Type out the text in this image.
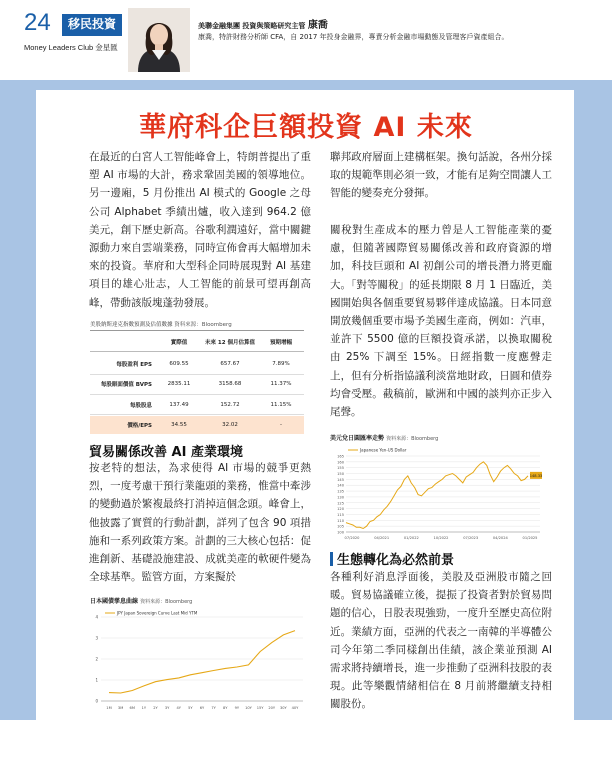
24	移民投資
Money Leaders Club 金星匯
美聯金融集團 投資與策略研究主管 康喬
康喬，特許財務分析師 CFA，自 2017 年投身金融界，專責分析金融市場動態及管理客戶資產組合。
華府科企巨額投資 AI 未來
在最近的白宮人工智能峰會上，特朗普提出了重塑 AI 市場的大計，務求鞏固美國的領導地位。另一邊廂，5 月份推出 AI 模式的 Google 之母公司 Alphabet 季績出爐，收入達到 964.2 億美元，創下歷史新高。谷歌利潤遠好，當中關鍵源動力來自雲端業務，同時宣佈會再大幅增加未來的投資。華府和大型科企同時展現對 AI 基建項目的雄心壯志，人工智能的前景可望再創高峰，帶動該版塊蓬勃發展。
美股納斯達克指數預測及估值數據 資料來源：Bloomberg
實際值	未來 12 個月估算值	預期增幅
每股盈利 EPS	609.55	657.67	7.89%
每股賬面價值 BVPS	2835.11	3158.68	11.37%
每股股息	137.49	152.72	11.15%
價格/EPS	34.55	32.02	-
貿易關係改善 AI 產業環境
按老特的想法，為求使得 AI 市場的競爭更熱烈，一度考慮干預行業龍頭的業務，惟當中牽涉的變動過於繁複最終打消掉這個念頭。峰會上，他披露了實質的行動計劃，詳列了包含 90 項措施和一系列政策方案。計劃的三大核心包括：促進創新、基礎設施建設、成就美產的軟硬件變為全球基準。監管方面，方案擬於
日本國債孳息曲線 資料來源：Bloomberg
0
1
2
3
4
1M 3M 6M 1Y 2Y 3Y 4Y 5Y 6Y 7Y 8Y 9Y 10Y 15Y 20Y 30Y 40Y
JPY Japan Sovereign Curve Last Mid YTM
聯邦政府層面上建構框架。換句話說，各州分採取的規範準則必須一致，才能有足夠空間讓人工智能的變奏充分發揮。
關稅對生產成本的壓力曾是人工智能產業的憂慮，但隨著國際貿易關係改善和政府資源的增加，科技巨頭和 AI 初創公司的增長潛力將更龐大。「對等關稅」的延長期限 8 月 1 日臨近，美國開始與各個重要貿易夥伴達成協議。日本同意開放幾個重要市場予美國生產商，例如：汽車，並許下 5500 億的巨額投資承諾，以換取關稅由 25% 下調至 15%。日經指數一度應聲走上，但有分析指協議利淡當地財政，日圓和債券均會受壓。截稿前，歐洲和中國的談判亦正步入尾聲。
美元兌日圓匯率走勢 資料來源：Bloomberg
100
105
110
115
120
125
130
135
140
145
150
155
160
165
07/2020	04/2021	01/2022	10/2022	07/2023	04/2024	01/2025
Japanese Yen-US Dollar
148.33
生態轉化為必然前景
各種利好消息浮面後，美股及亞洲股市隨之回暖。貿易協議確立後，提振了投資者對於貿易問題的信心，日股表現強勁，一度升至歷史高位附近。業績方面，亞洲的代表之一南韓的半導體公司今年第二季同樣創出佳績，該企業並預測 AI 需求將持續增長，進一步推動了亞洲科技股的表現。此等樂觀情緒相信在 8 月前將繼續支持相關股份。
